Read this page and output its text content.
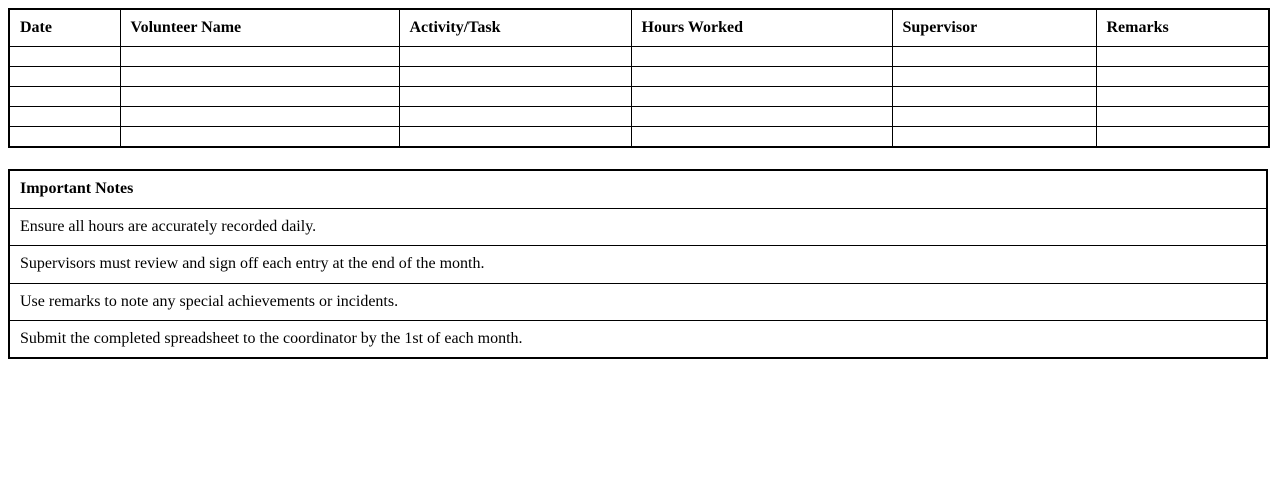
Date	Volunteer Name	Activity/Task	Hours Worked	Supervisor	Remarks

Important Notes
Ensure all hours are accurately recorded daily.
Supervisors must review and sign off each entry at the end of the month.
Use remarks to note any special achievements or incidents.
Submit the completed spreadsheet to the coordinator by the 1st of each month.
